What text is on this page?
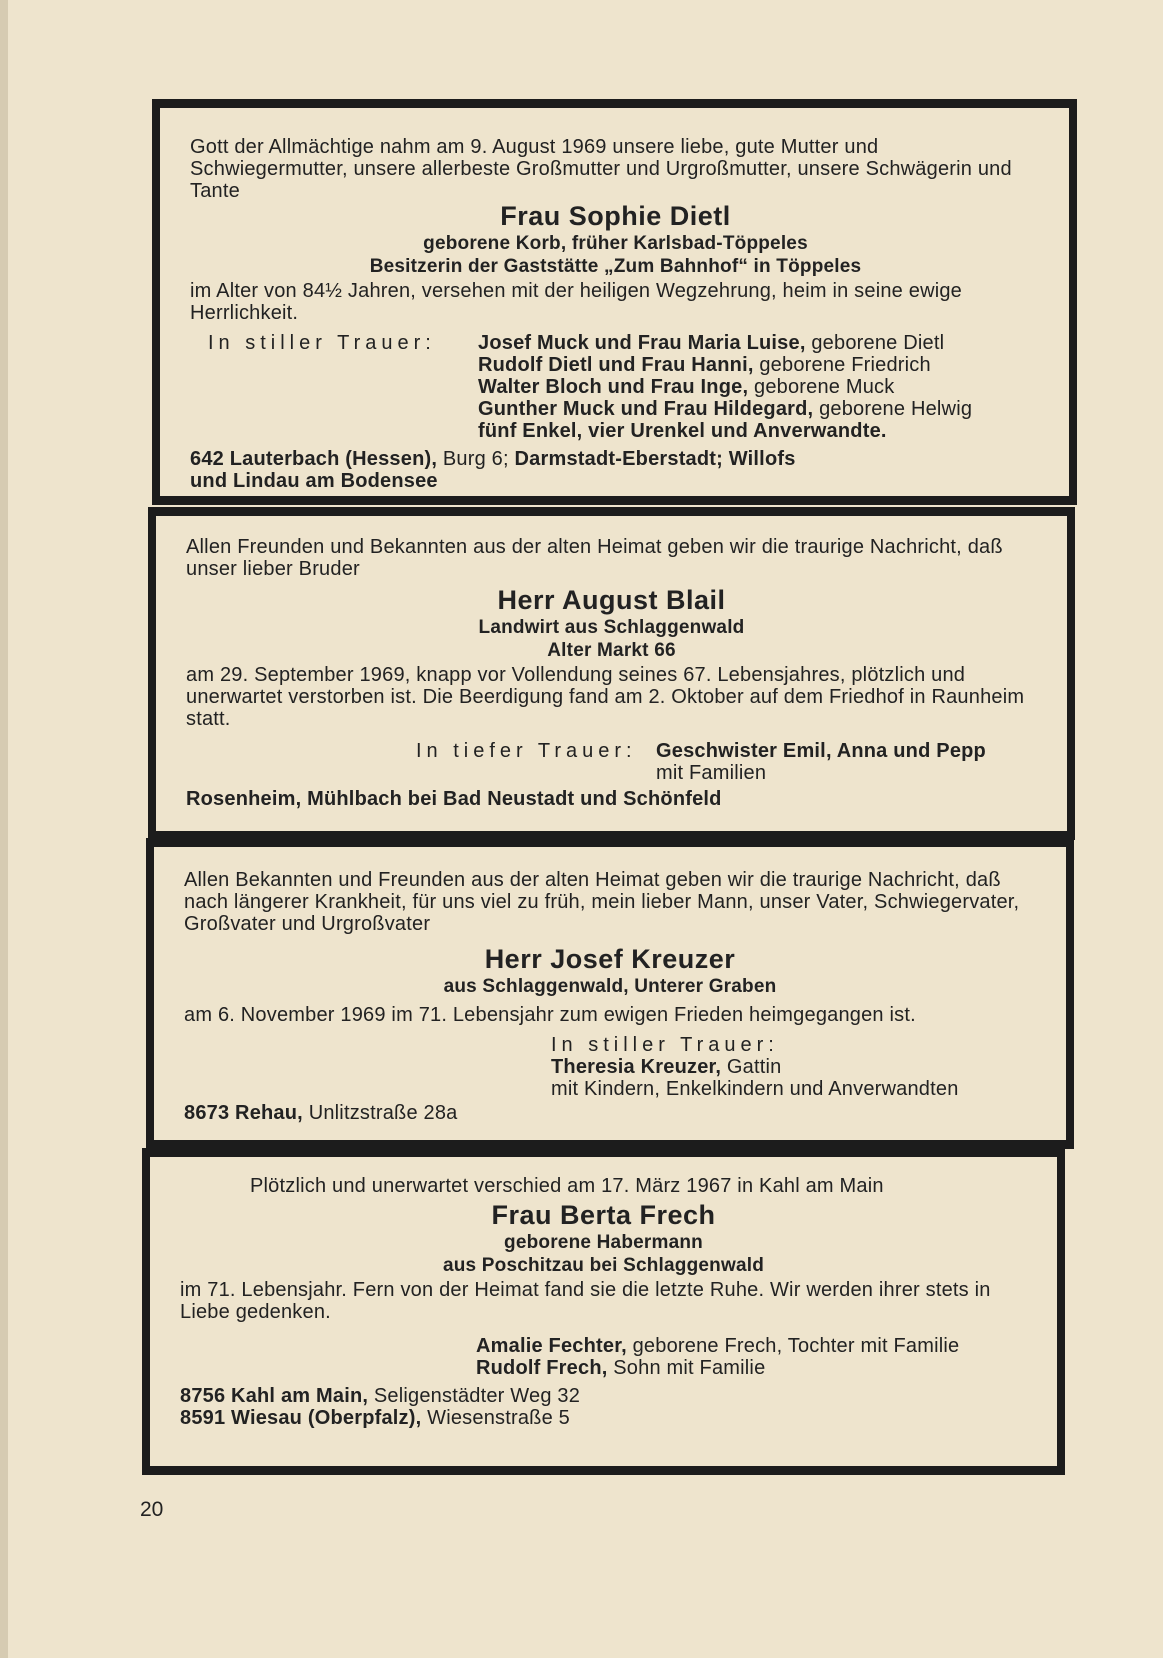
Gott der Allmächtige nahm am 9. August 1969 unsere liebe, gute Mutter und Schwiegermutter, unsere allerbeste Großmutter und Urgroßmutter, unsere Schwägerin und Tante

Frau Sophie Dietl

geborene Korb, früher Karlsbad-Töppeles

Besitzerin der Gaststätte „Zum Bahnhof“ in Töppeles

im Alter von 84½ Jahren, versehen mit der heiligen Wegzehrung, heim in seine ewige Herrlichkeit.

In stiller Trauer:	Josef Muck und Frau Maria Luise, geborene Dietl

Rudolf Dietl und Frau Hanni, geborene Friedrich

Walter Bloch und Frau Inge, geborene Muck

Gunther Muck und Frau Hildegard, geborene Helwig

fünf Enkel, vier Urenkel und Anverwandte.

642 Lauterbach (Hessen), Burg 6; Darmstadt-Eberstadt; Willofs

und Lindau am Bodensee

Allen Freunden und Bekannten aus der alten Heimat geben wir die traurige Nachricht, daß unser lieber Bruder

Herr August Blail

Landwirt aus Schlaggenwald

Alter Markt 66

am 29. September 1969, knapp vor Vollendung seines 67. Lebensjahres, plötzlich und unerwartet verstorben ist. Die Beerdigung fand am 2. Oktober auf dem Friedhof in Raunheim statt.

In tiefer Trauer: Geschwister Emil, Anna und Pepp

mit Familien

Rosenheim, Mühlbach bei Bad Neustadt und Schönfeld

Allen Bekannten und Freunden aus der alten Heimat geben wir die traurige Nachricht, daß nach längerer Krankheit, für uns viel zu früh, mein lieber Mann, unser Vater, Schwiegervater, Großvater und Urgroßvater

Herr Josef Kreuzer

aus Schlaggenwald, Unterer Graben

am 6. November 1969 im 71. Lebensjahr zum ewigen Frieden heimgegangen ist.

In stiller Trauer:

Theresia Kreuzer, Gattin

mit Kindern, Enkelkindern und Anverwandten

8673 Rehau, Unlitzstraße 28a

Plötzlich und unerwartet verschied am 17. März 1967 in Kahl am Main

Frau Berta Frech

geborene Habermann

aus Poschitzau bei Schlaggenwald

im 71. Lebensjahr. Fern von der Heimat fand sie die letzte Ruhe. Wir werden ihrer stets in Liebe gedenken.

Amalie Fechter, geborene Frech, Tochter mit Familie

Rudolf Frech, Sohn mit Familie

8756 Kahl am Main, Seligenstädter Weg 32

8591 Wiesau (Oberpfalz), Wiesenstraße 5

20
